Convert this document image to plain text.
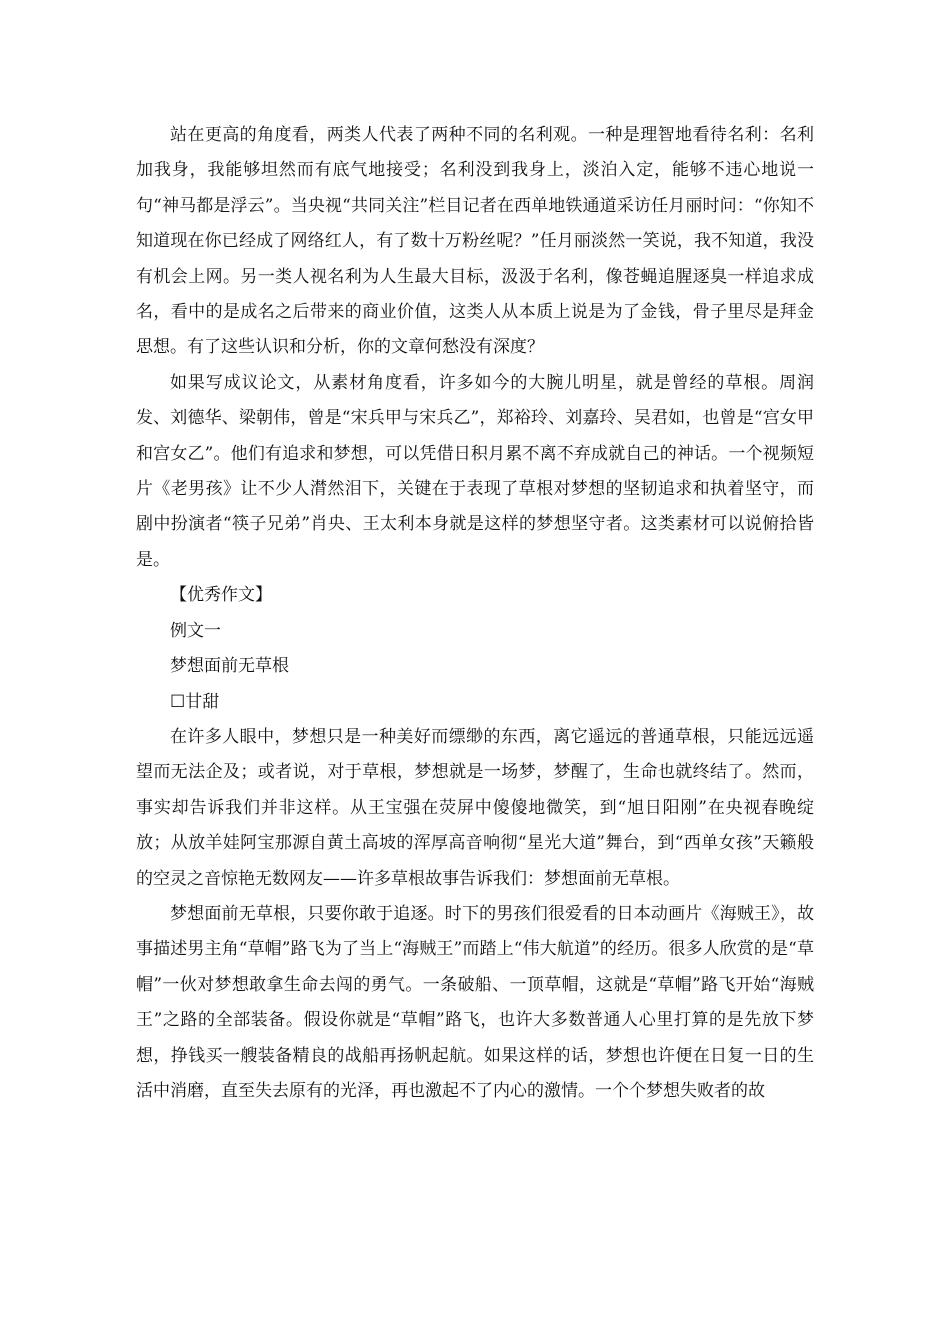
站在更高的角度看，两类人代表了两种不同的名利观。一种是理智地看待名利：名利加我身，我能够坦然而有底气地接受；名利没到我身上，淡泊入定，能够不违心地说一句“神马都是浮云”。当央视“共同关注”栏目记者在西单地铁通道采访任月丽时问：“你知不知道现在你已经成了网络红人，有了数十万粉丝呢？”任月丽淡然一笑说，我不知道，我没有机会上网。另一类人视名利为人生最大目标，汲汲于名利，像苍蝇追腥逐臭一样追求成名，看中的是成名之后带来的商业价值，这类人从本质上说是为了金钱，骨子里尽是拜金思想。有了这些认识和分析，你的文章何愁没有深度？

如果写成议论文，从素材角度看，许多如今的大腕儿明星，就是曾经的草根。周润发、刘德华、梁朝伟，曾是“宋兵甲与宋兵乙”，郑裕玲、刘嘉玲、吴君如，也曾是“宫女甲和宫女乙”。他们有追求和梦想，可以凭借日积月累不离不弃成就自己的神话。一个视频短片《老男孩》让不少人潸然泪下，关键在于表现了草根对梦想的坚韧追求和执着坚守，而剧中扮演者“筷子兄弟”肖央、王太利本身就是这样的梦想坚守者。这类素材可以说俯拾皆是。

【优秀作文】

例文一

梦想面前无草根

☐甘甜

在许多人眼中，梦想只是一种美好而缥缈的东西，离它遥远的普通草根，只能远远遥望而无法企及；或者说，对于草根，梦想就是一场梦，梦醒了，生命也就终结了。然而，事实却告诉我们并非这样。从王宝强在荧屏中傻傻地微笑，到“旭日阳刚”在央视春晚绽放；从放羊娃阿宝那源自黄土高坡的浑厚高音响彻“星光大道”舞台，到“西单女孩”天籁般的空灵之音惊艳无数网友——许多草根故事告诉我们：梦想面前无草根。

梦想面前无草根，只要你敢于追逐。时下的男孩们很爱看的日本动画片《海贼王》，故事描述男主角“草帽”路飞为了当上“海贼王”而踏上“伟大航道”的经历。很多人欣赏的是“草帽”一伙对梦想敢拿生命去闯的勇气。一条破船、一顶草帽，这就是“草帽”路飞开始“海贼王”之路的全部装备。假设你就是“草帽”路飞，也许大多数普通人心里打算的是先放下梦想，挣钱买一艘装备精良的战船再扬帆起航。如果这样的话，梦想也许便在日复一日的生活中消磨，直至失去原有的光泽，再也激起不了内心的激情。一个个梦想失败者的故
